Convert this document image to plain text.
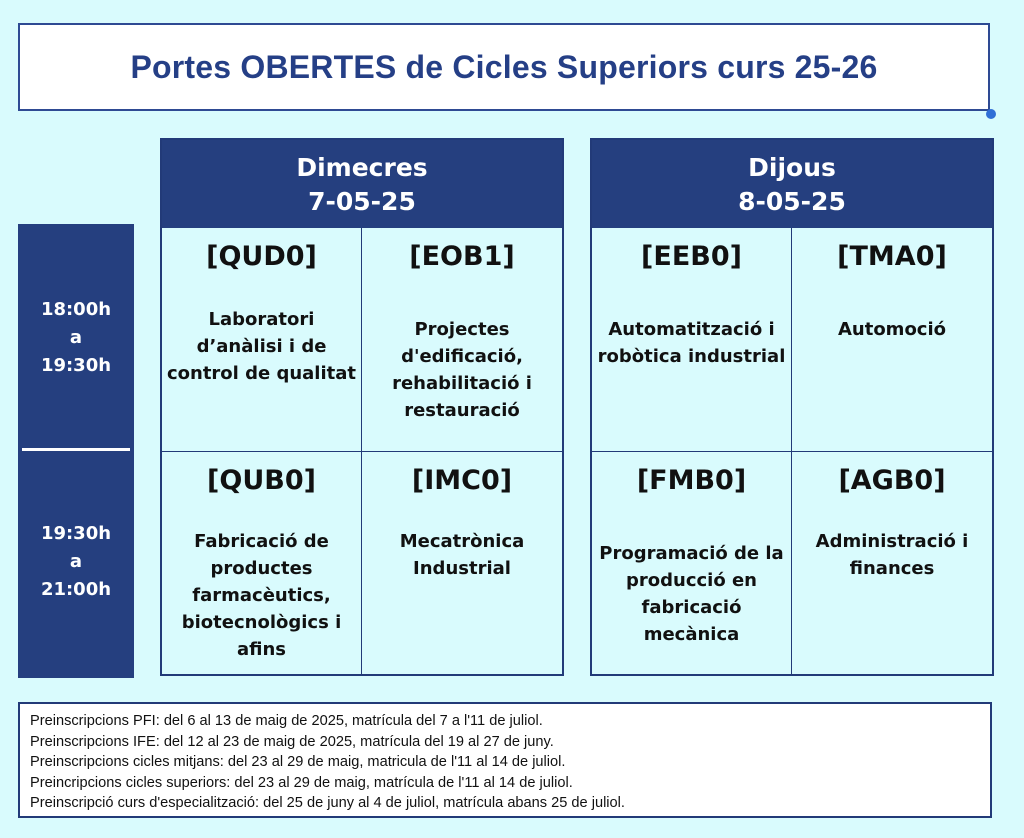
Portes OBERTES de Cicles Superiors curs 25-26
18:00h
a
19:30h
19:30h
a
21:00h
Dimecres
7-05-25
[QUD0]
Laboratori
d’anàlisi i de
control de qualitat
[EOB1]
Projectes
d'edificació,
rehabilitació i
restauració
[QUB0]
Fabricació de
productes
farmacèutics,
biotecnològics i
afins
[IMC0]
Mecatrònica
Industrial
Dijous
8-05-25
[EEB0]
Automatització i
robòtica industrial
[TMA0]
Automoció
[FMB0]
Programació de la
producció en
fabricació
mecànica
[AGB0]
Administració i
finances
Preinscripcions PFI: del 6 al 13 de maig de 2025, matrícula del 7 a l'11 de juliol.
Preinscripcions IFE: del 12 al 23 de maig de 2025, matrícula del 19 al 27 de juny.
Preinscripcions cicles mitjans: del 23 al 29 de maig, matricula de l'11 al 14 de juliol.
Preincripcions cicles superiors: del 23 al 29 de maig, matrícula de l'11 al 14 de juliol.
Preinscripció curs d'especialització: del 25 de juny al 4 de juliol, matrícula abans 25 de juliol.
